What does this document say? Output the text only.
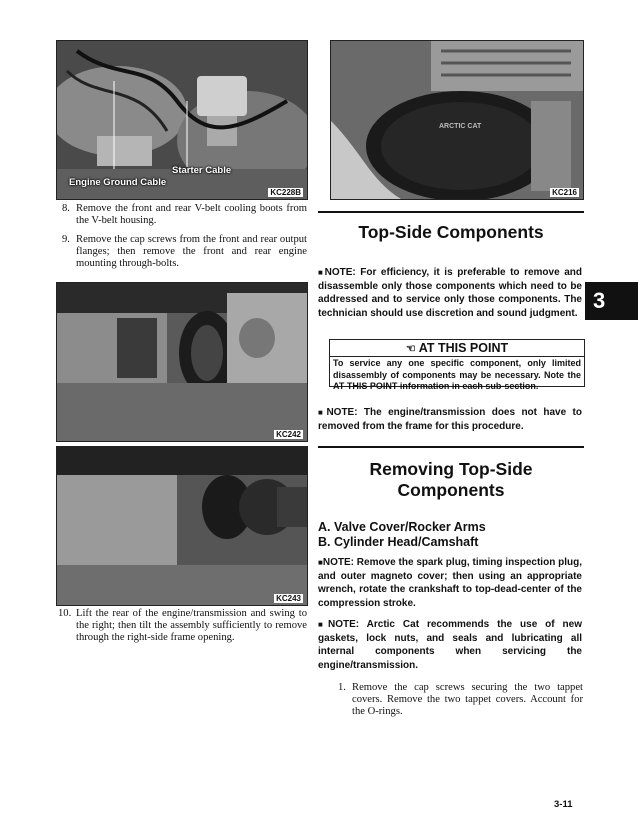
Starter Cable
Engine Ground Cable
KC228B
ARCTIC CAT
KC216
8. Remove the front and rear V-belt cooling boots from the V-belt housing.
9. Remove the cap screws from the front and rear output flanges; then remove the front and rear engine mounting through-bolts.
KC242
KC243
10. Lift the rear of the engine/transmission and swing to the right; then tilt the assembly sufficiently to remove through the right-side frame opening.
Top-Side Components
■NOTE: For efficiency, it is preferable to remove and disassemble only those components which need to be addressed and to service only those components. The technician should use discretion and sound judgment.
☜ AT THIS POINT
To service any one specific component, only limited disassembly of components may be necessary. Note the AT THIS POINT information in each sub-section.
■NOTE: The engine/transmission does not have to removed from the frame for this procedure.
Removing Top-Side
Components
A. Valve Cover/Rocker Arms
B. Cylinder Head/Camshaft
■NOTE: Remove the spark plug, timing inspection plug, and outer magneto cover; then using an appropriate wrench, rotate the crankshaft to top-dead-center of the compression stroke.
■NOTE: Arctic Cat recommends the use of new gaskets, lock nuts, and seals and lubricating all internal components when servicing the engine/transmission.
1. Remove the cap screws securing the two tappet covers. Remove the two tappet covers. Account for the O-rings.
3
3-11
